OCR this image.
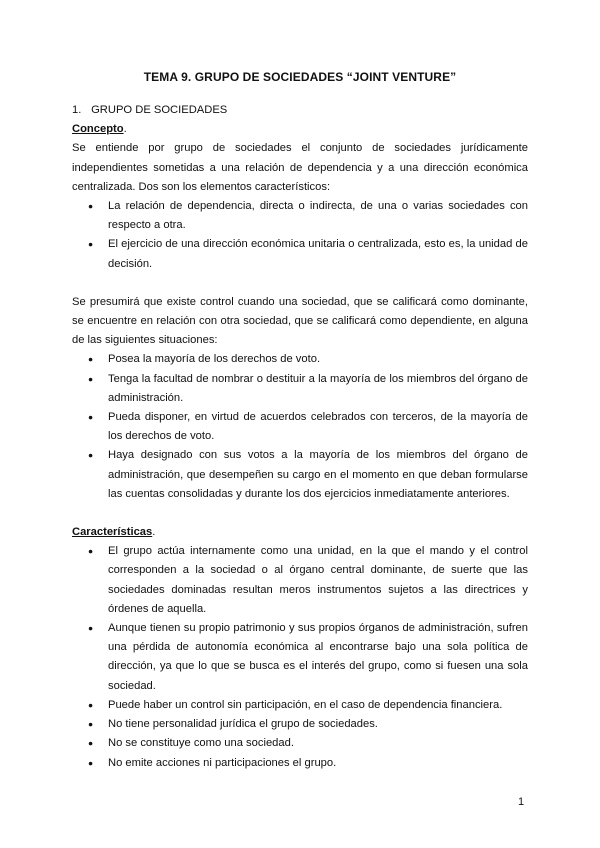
TEMA 9. GRUPO DE SOCIEDADES “JOINT VENTURE”

1. GRUPO DE SOCIEDADES

Concepto.

Se entiende por grupo de sociedades el conjunto de sociedades jurídicamente independientes sometidas a una relación de dependencia y a una dirección económica centralizada. Dos son los elementos característicos:

● La relación de dependencia, directa o indirecta, de una o varias sociedades con respecto a otra.
● El ejercicio de una dirección económica unitaria o centralizada, esto es, la unidad de decisión.

Se presumirá que existe control cuando una sociedad, que se calificará como dominante, se encuentre en relación con otra sociedad, que se calificará como dependiente, en alguna de las siguientes situaciones:

● Posea la mayoría de los derechos de voto.
● Tenga la facultad de nombrar o destituir a la mayoría de los miembros del órgano de administración.
● Pueda disponer, en virtud de acuerdos celebrados con terceros, de la mayoría de los derechos de voto.
● Haya designado con sus votos a la mayoría de los miembros del órgano de administración, que desempeñen su cargo en el momento en que deban formularse las cuentas consolidadas y durante los dos ejercicios inmediatamente anteriores.

Características.

● El grupo actúa internamente como una unidad, en la que el mando y el control corresponden a la sociedad o al órgano central dominante, de suerte que las sociedades dominadas resultan meros instrumentos sujetos a las directrices y órdenes de aquella.
● Aunque tienen su propio patrimonio y sus propios órganos de administración, sufren una pérdida de autonomía económica al encontrarse bajo una sola política de dirección, ya que lo que se busca es el interés del grupo, como si fuesen una sola sociedad.
● Puede haber un control sin participación, en el caso de dependencia financiera.
● No tiene personalidad jurídica el grupo de sociedades.
● No se constituye como una sociedad.
● No emite acciones ni participaciones el grupo.
1
